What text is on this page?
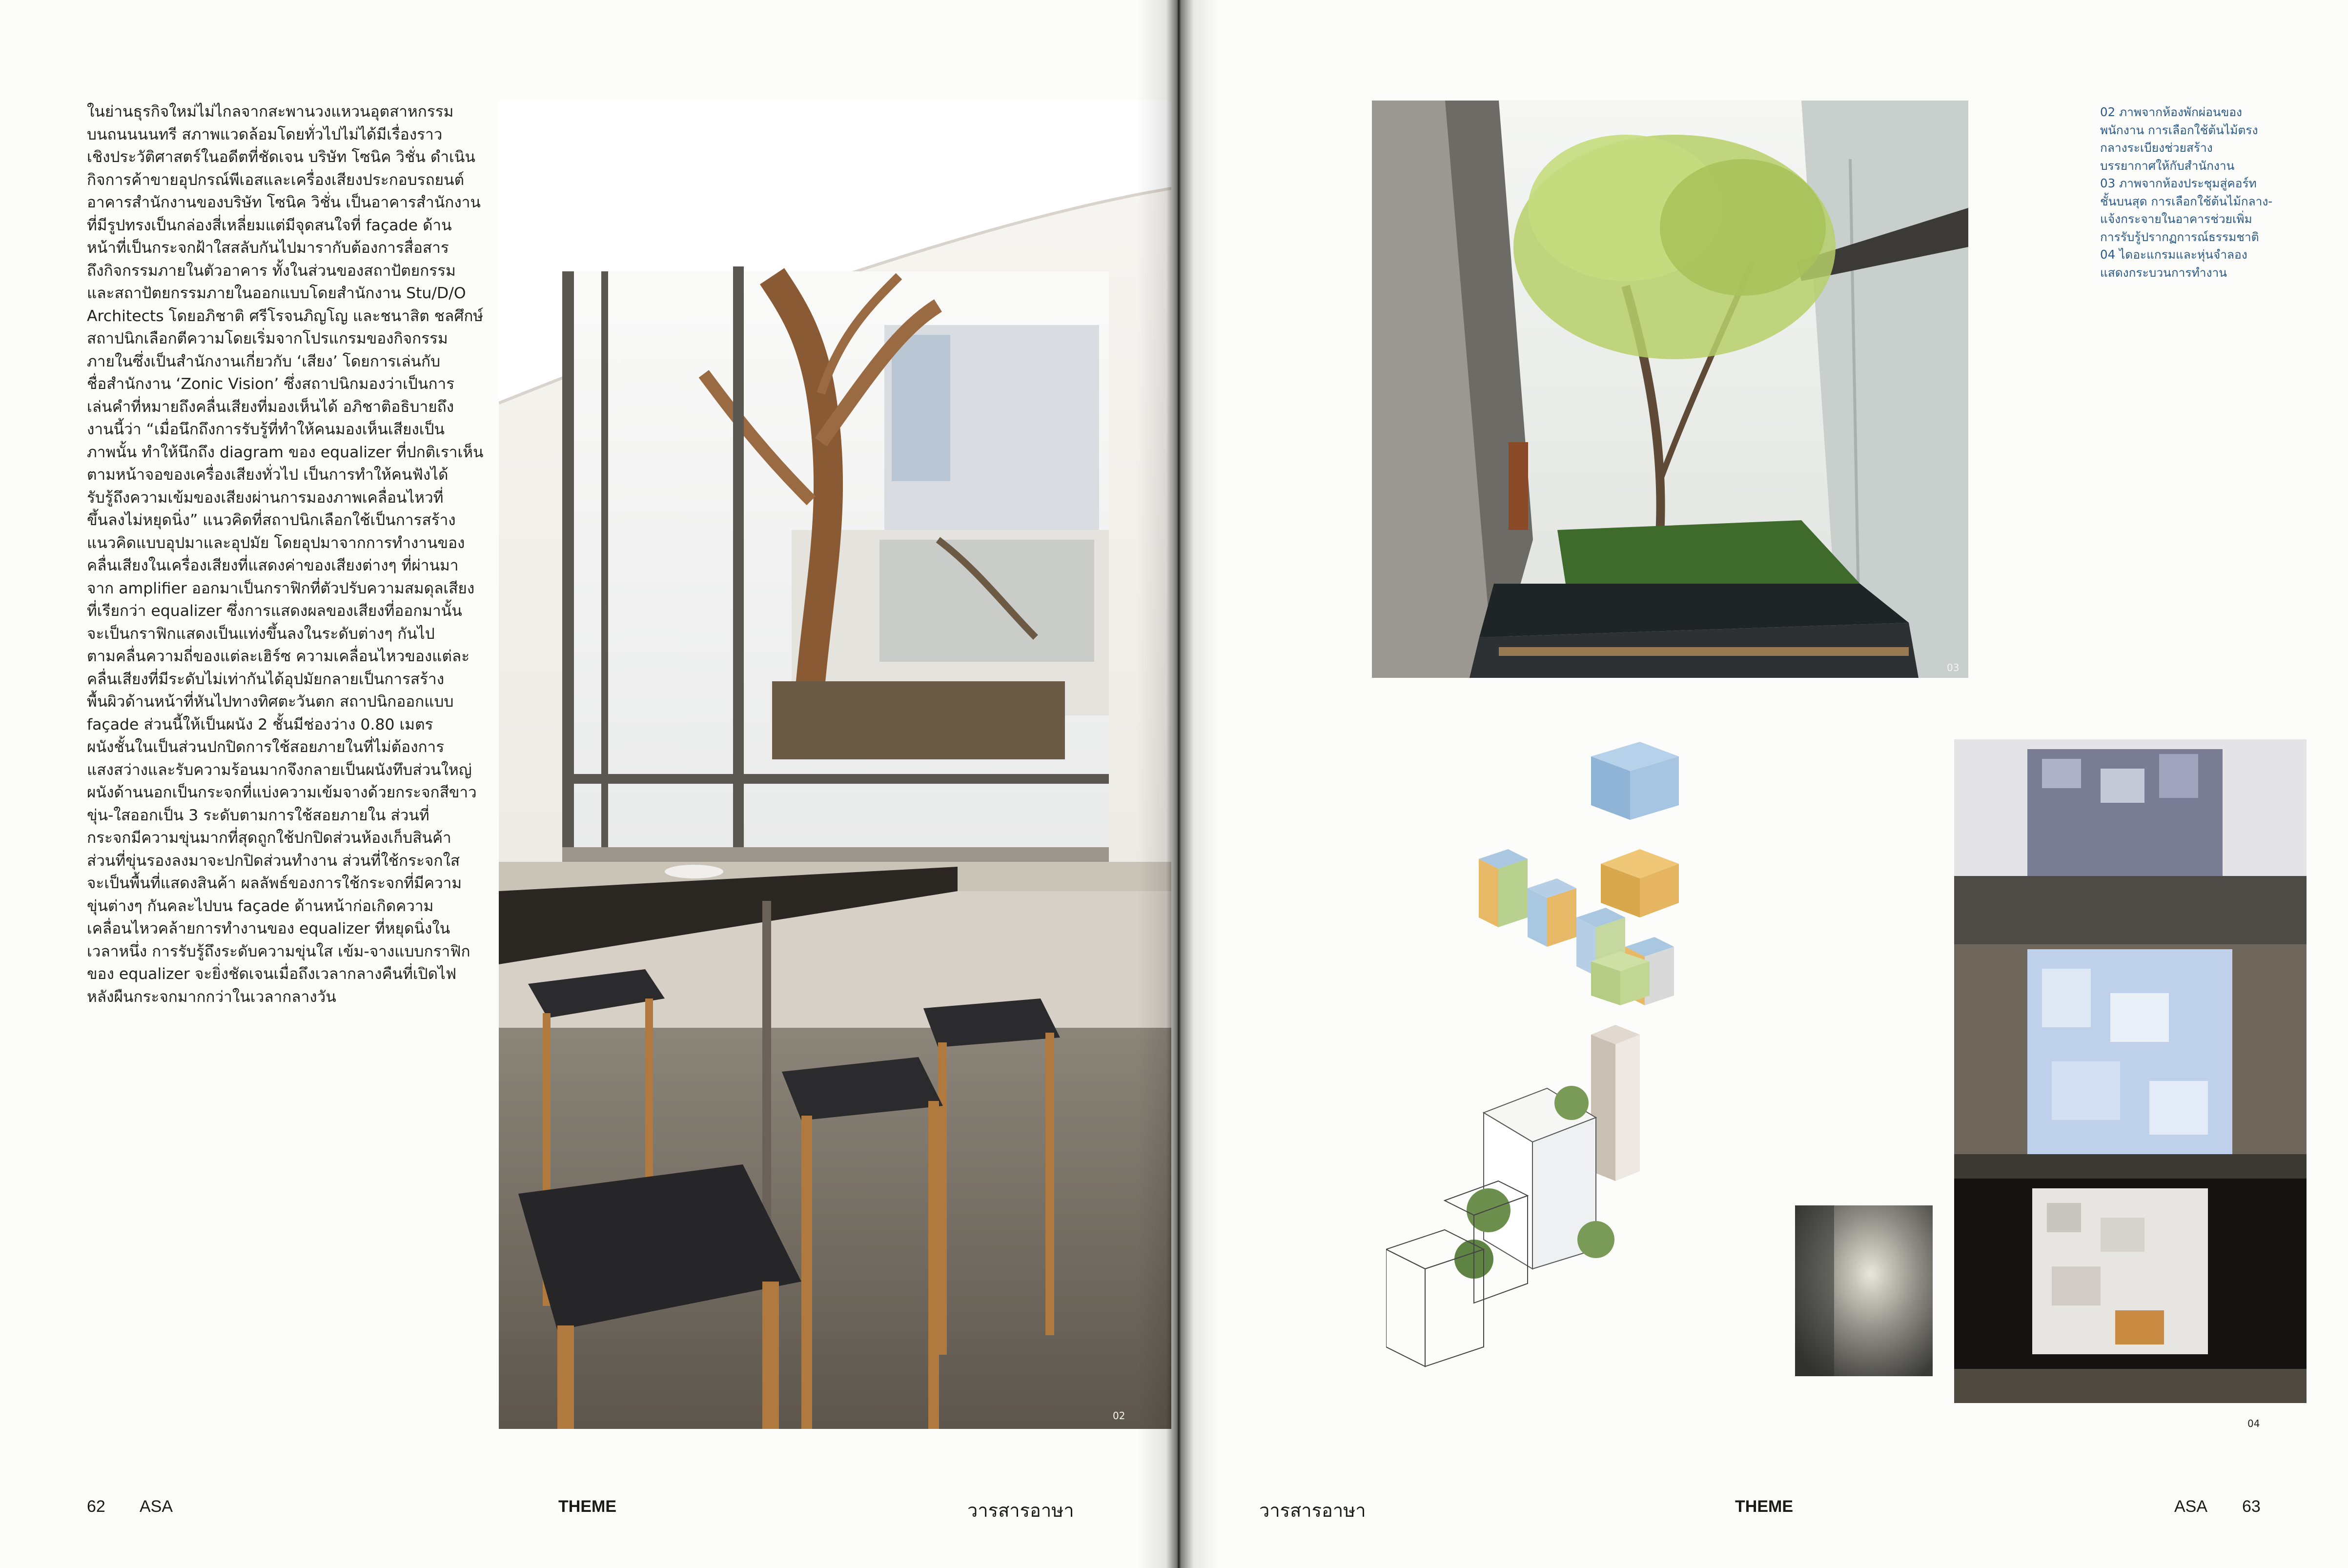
ในย่านธุรกิจใหม่ไม่ไกลจากสะพานวงแหวนอุตสาหกรรม
บนถนนนนทรี สภาพแวดล้อมโดยทั่วไปไม่ได้มีเรื่องราว
เชิงประวัติศาสตร์ในอดีตที่ชัดเจน บริษัท โซนิค วิชั่น ดำเนิน
กิจการค้าขายอุปกรณ์พีเอสและเครื่องเสียงประกอบรถยนต์
อาคารสำนักงานของบริษัท โซนิค วิชั่น เป็นอาคารสำนักงาน
ที่มีรูปทรงเป็นกล่องสี่เหลี่ยมแต่มีจุดสนใจที่ façade ด้าน
หน้าที่เป็นกระจกฝ้าใสสลับกันไปมารากับต้องการสื่อสาร
ถึงกิจกรรมภายในตัวอาคาร ทั้งในส่วนของสถาปัตยกรรม
และสถาปัตยกรรมภายในออกแบบโดยสำนักงาน Stu/D/O
Architects โดยอภิชาติ ศรีโรจนภิญโญ และชนาสิต ชลศึกษ์
สถาปนิกเลือกตีความโดยเริ่มจากโปรแกรมของกิจกรรม
ภายในซึ่งเป็นสำนักงานเกี่ยวกับ ‘เสียง’ โดยการเล่นกับ
ชื่อสำนักงาน ‘Zonic Vision’ ซึ่งสถาปนิกมองว่าเป็นการ
เล่นคำที่หมายถึงคลื่นเสียงที่มองเห็นได้ อภิชาติอธิบายถึง
งานนี้ว่า “เมื่อนึกถึงการรับรู้ที่ทำให้คนมองเห็นเสียงเป็น
ภาพนั้น ทำให้นึกถึง diagram ของ equalizer ที่ปกติเราเห็น
ตามหน้าจอของเครื่องเสียงทั่วไป เป็นการทำให้คนฟังได้
รับรู้ถึงความเข้มของเสียงผ่านการมองภาพเคลื่อนไหวที่
ขึ้นลงไม่หยุดนิ่ง” แนวคิดที่สถาปนิกเลือกใช้เป็นการสร้าง
แนวคิดแบบอุปมาและอุปมัย โดยอุปมาจากการทำงานของ
คลื่นเสียงในเครื่องเสียงที่แสดงค่าของเสียงต่างๆ ที่ผ่านมา
จาก amplifier ออกมาเป็นกราฟิกที่ตัวปรับความสมดุลเสียง
ที่เรียกว่า equalizer ซึ่งการแสดงผลของเสียงที่ออกมานั้น
จะเป็นกราฟิกแสดงเป็นแท่งขึ้นลงในระดับต่างๆ กันไป
ตามคลื่นความถี่ของแต่ละเฮิร์ซ ความเคลื่อนไหวของแต่ละ
คลื่นเสียงที่มีระดับไม่เท่ากันได้อุปมัยกลายเป็นการสร้าง
พื้นผิวด้านหน้าที่หันไปทางทิศตะวันตก สถาปนิกออกแบบ
façade ส่วนนี้ให้เป็นผนัง 2 ชั้นมีช่องว่าง 0.80 เมตร
ผนังชั้นในเป็นส่วนปกปิดการใช้สอยภายในที่ไม่ต้องการ
แสงสว่างและรับความร้อนมากจึงกลายเป็นผนังทึบส่วนใหญ่
ผนังด้านนอกเป็นกระจกที่แบ่งความเข้มจางด้วยกระจกสีขาว
ขุ่น-ใสออกเป็น 3 ระดับตามการใช้สอยภายใน ส่วนที่
กระจกมีความขุ่นมากที่สุดถูกใช้ปกปิดส่วนห้องเก็บสินค้า
ส่วนที่ขุ่นรองลงมาจะปกปิดส่วนทำงาน ส่วนที่ใช้กระจกใส
จะเป็นพื้นที่แสดงสินค้า ผลลัพธ์ของการใช้กระจกที่มีความ
ขุ่นต่างๆ กันคละไปบน façade ด้านหน้าก่อเกิดความ
เคลื่อนไหวคล้ายการทำงานของ equalizer ที่หยุดนิ่งใน
เวลาหนึ่ง การรับรู้ถึงระดับความขุ่นใส เข้ม-จางแบบกราฟิก
ของ equalizer จะยิ่งชัดเจนเมื่อถึงเวลากลางคืนที่เปิดไฟ
หลังผืนกระจกมากกว่าในเวลากลางวัน
02
62 ASA	THEME	วารสารอาษา
03
04
02 ภาพจากห้องพักผ่อนของ
พนักงาน การเลือกใช้ต้นไม้ตรง
กลางระเบียงช่วยสร้าง
บรรยากาศให้กับสำนักงาน
03 ภาพจากห้องประชุมสู่คอร์ท
ชั้นบนสุด การเลือกใช้ต้นไม้กลาง-
แจ้งกระจายในอาคารช่วยเพิ่ม
การรับรู้ปรากฏการณ์ธรรมชาติ
04 ไดอะแกรมและหุ่นจำลอง
แสดงกระบวนการทำงาน
วารสารอาษา	THEME	ASA 63
